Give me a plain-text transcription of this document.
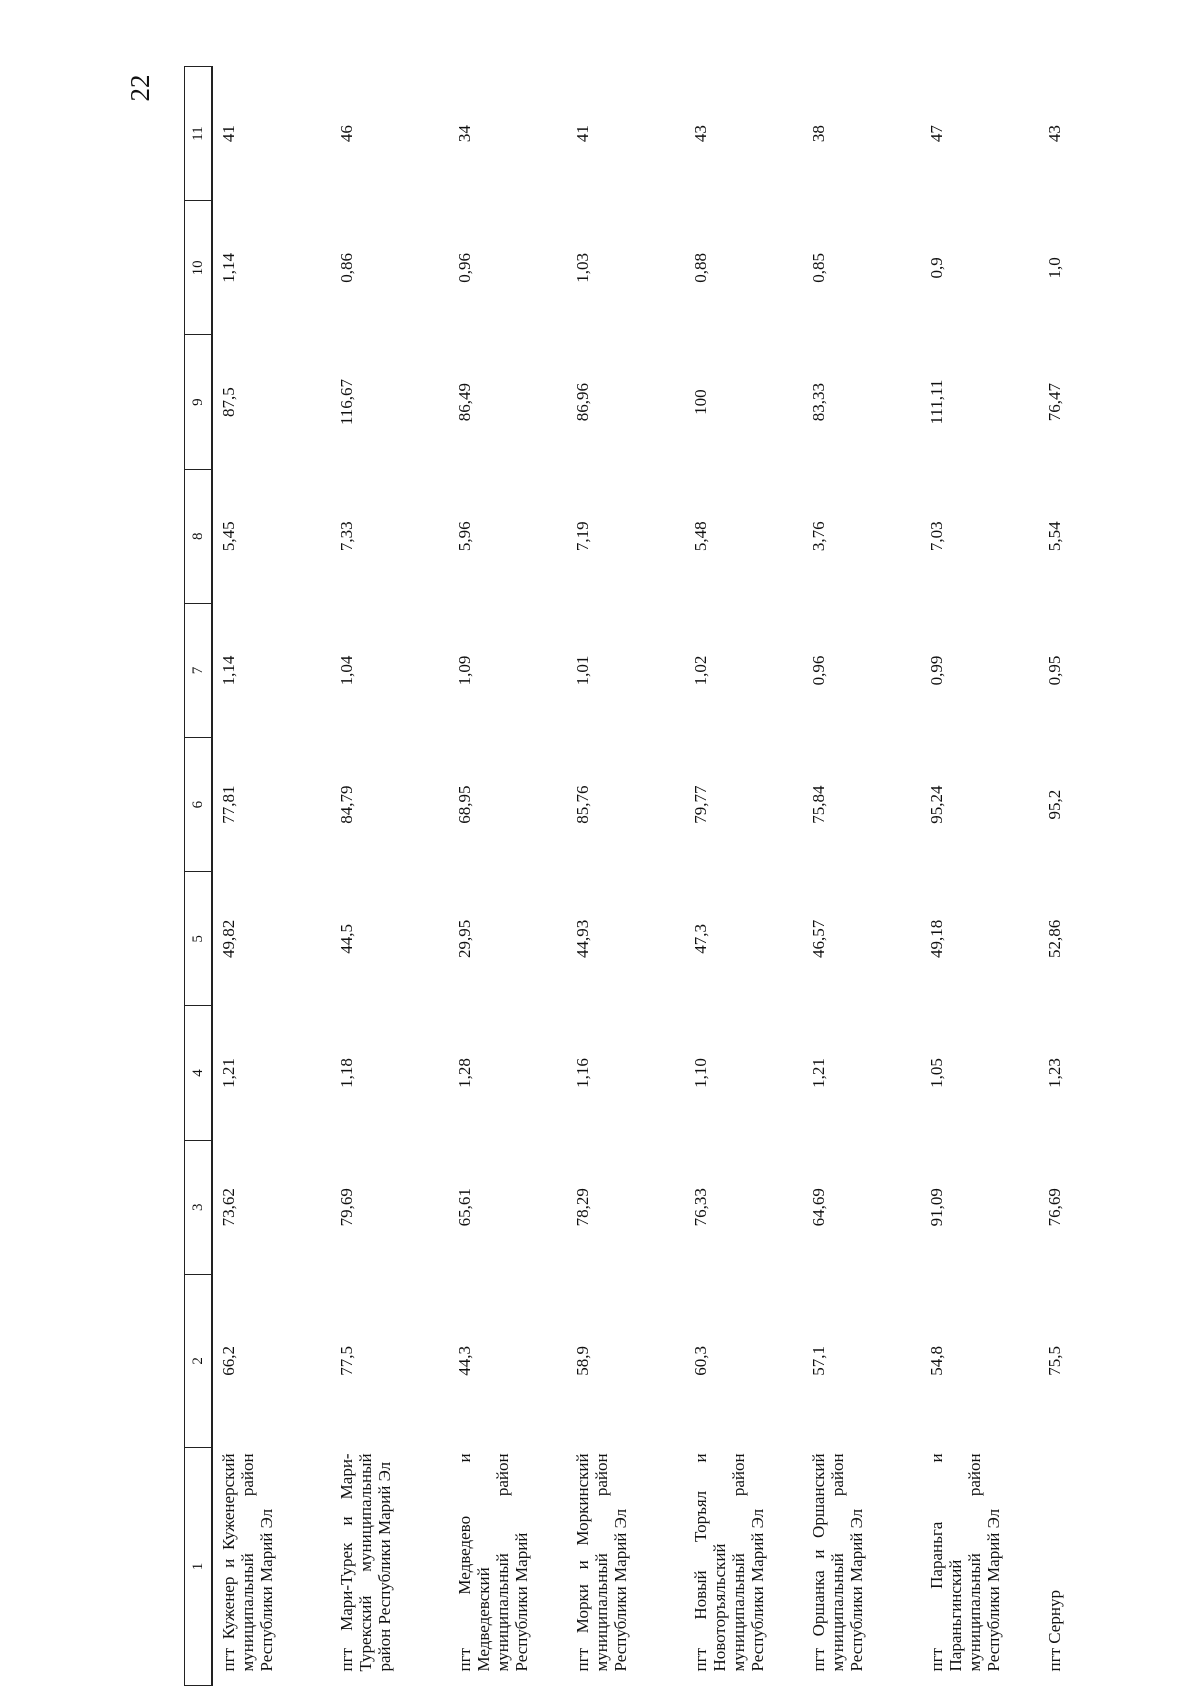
22
1	2	3	4	5	6	7	8	9	10	11
пгт Куженер и Куженерский муниципальный район Республики Марий Эл	66,2	73,62	1,21	49,82	77,81	1,14	5,45	87,5	1,14	41
пгт Мари-Турек и Мари-Турекский муниципальный район Республики Марий Эл	77,5	79,69	1,18	44,5	84,79	1,04	7,33	116,67	0,86	46
пгт Медведево и Медведевский муниципальный район Республики Марий	44,3	65,61	1,28	29,95	68,95	1,09	5,96	86,49	0,96	34
пгт Морки и Моркинский муниципальный район Республики Марий Эл	58,9	78,29	1,16	44,93	85,76	1,01	7,19	86,96	1,03	41
пгт Новый Торъял и Новоторъяльский муниципальный район Республики Марий Эл	60,3	76,33	1,10	47,3	79,77	1,02	5,48	100	0,88	43
пгт Оршанка и Оршанский муниципальный район Республики Марий Эл	57,1	64,69	1,21	46,57	75,84	0,96	3,76	83,33	0,85	38
пгт Параньга и Параньгинский муниципальный район Республики Марий Эл	54,8	91,09	1,05	49,18	95,24	0,99	7,03	111,11	0,9	47
пгт Сернур	75,5	76,69	1,23	52,86	95,2	0,95	5,54	76,47	1,0	43
